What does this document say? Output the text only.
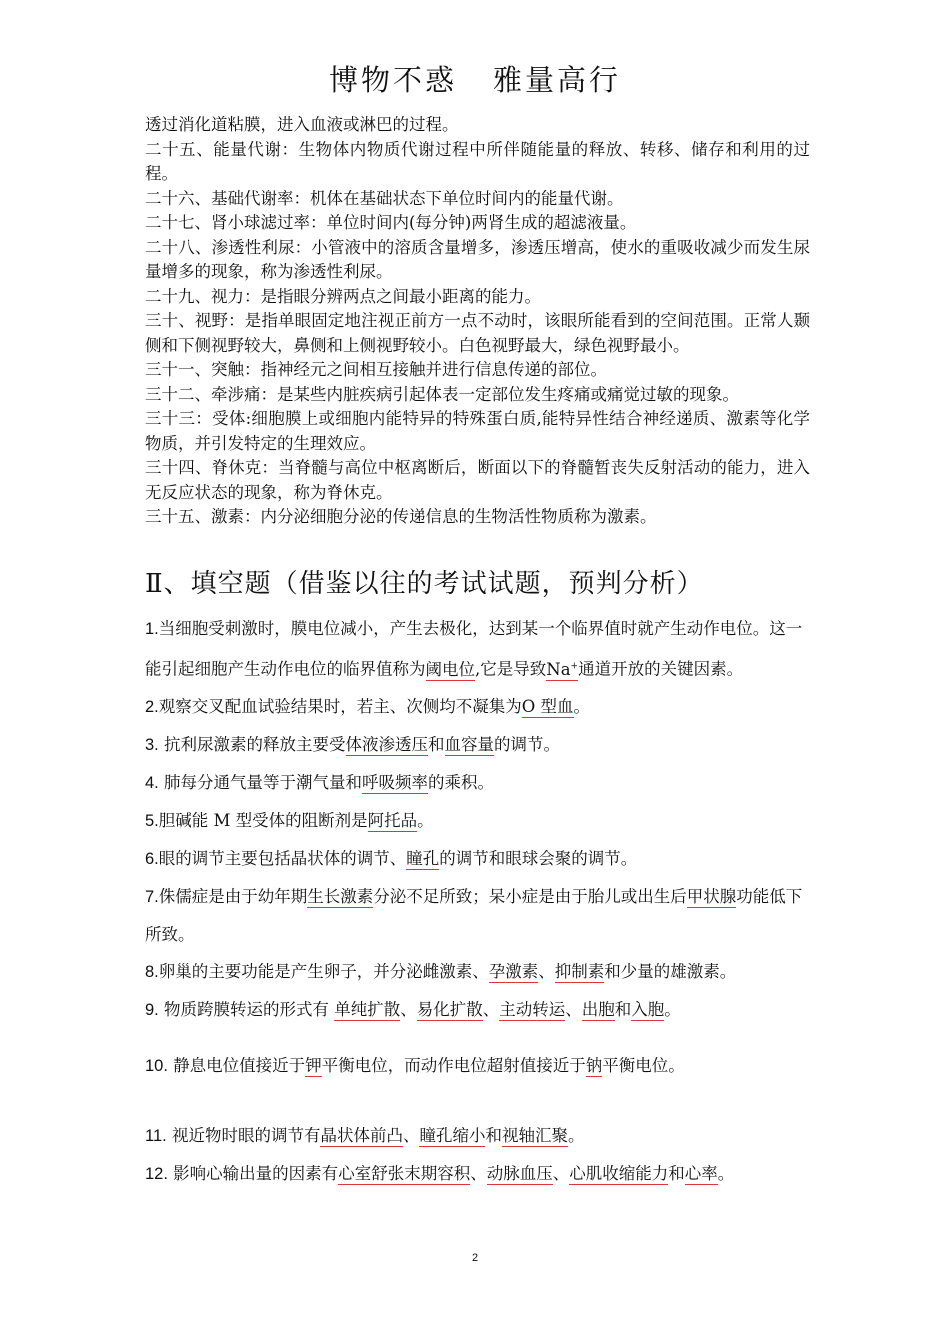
博物不惑 雅量高行

透过消化道粘膜，进入血液或淋巴的过程。

二十五、能量代谢：生物体内物质代谢过程中所伴随能量的释放、转移、储存和利用的过程。

二十六、基础代谢率：机体在基础状态下单位时间内的能量代谢。

二十七、肾小球滤过率：单位时间内(每分钟)两肾生成的超滤液量。

二十八、渗透性利尿：小管液中的溶质含量增多，渗透压增高，使水的重吸收减少而发生尿量增多的现象，称为渗透性利尿。

二十九、视力：是指眼分辨两点之间最小距离的能力。

三十、视野：是指单眼固定地注视正前方一点不动时，该眼所能看到的空间范围。正常人颞侧和下侧视野较大，鼻侧和上侧视野较小。白色视野最大，绿色视野最小。

三十一、突触：指神经元之间相互接触并进行信息传递的部位。

三十二、牵涉痛：是某些内脏疾病引起体表一定部位发生疼痛或痛觉过敏的现象。

三十三：受体:细胞膜上或细胞内能特异的特殊蛋白质,能特异性结合神经递质、激素等化学物质，并引发特定的生理效应。

三十四、脊休克：当脊髓与高位中枢离断后，断面以下的脊髓暂丧失反射活动的能力，进入无反应状态的现象，称为脊休克。

三十五、激素：内分泌细胞分泌的传递信息的生物活性物质称为激素。

Ⅱ、填空题（借鉴以往的考试试题，预判分析）

1.当细胞受刺激时，膜电位减小，产生去极化，达到某一个临界值时就产生动作电位。这一能引起细胞产生动作电位的临界值称为阈电位,它是导致Na+通道开放的关键因素。

2.观察交叉配血试验结果时，若主、次侧均不凝集为O 型血。

3. 抗利尿激素的释放主要受体液渗透压和血容量的调节。

4. 肺每分通气量等于潮气量和呼吸频率的乘积。

5.胆碱能 M 型受体的阻断剂是阿托品。

6.眼的调节主要包括晶状体的调节、瞳孔的调节和眼球会聚的调节。

7.侏儒症是由于幼年期生长激素分泌不足所致；呆小症是由于胎儿或出生后甲状腺功能低下所致。

8.卵巢的主要功能是产生卵子，并分泌雌激素、孕激素、抑制素和少量的雄激素。

9. 物质跨膜转运的形式有 单纯扩散、易化扩散、主动转运、出胞和入胞。

10. 静息电位值接近于钾平衡电位，而动作电位超射值接近于钠平衡电位。

11. 视近物时眼的调节有晶状体前凸、瞳孔缩小和视轴汇聚。

12. 影响心输出量的因素有心室舒张末期容积、动脉血压、心肌收缩能力和心率。

2
